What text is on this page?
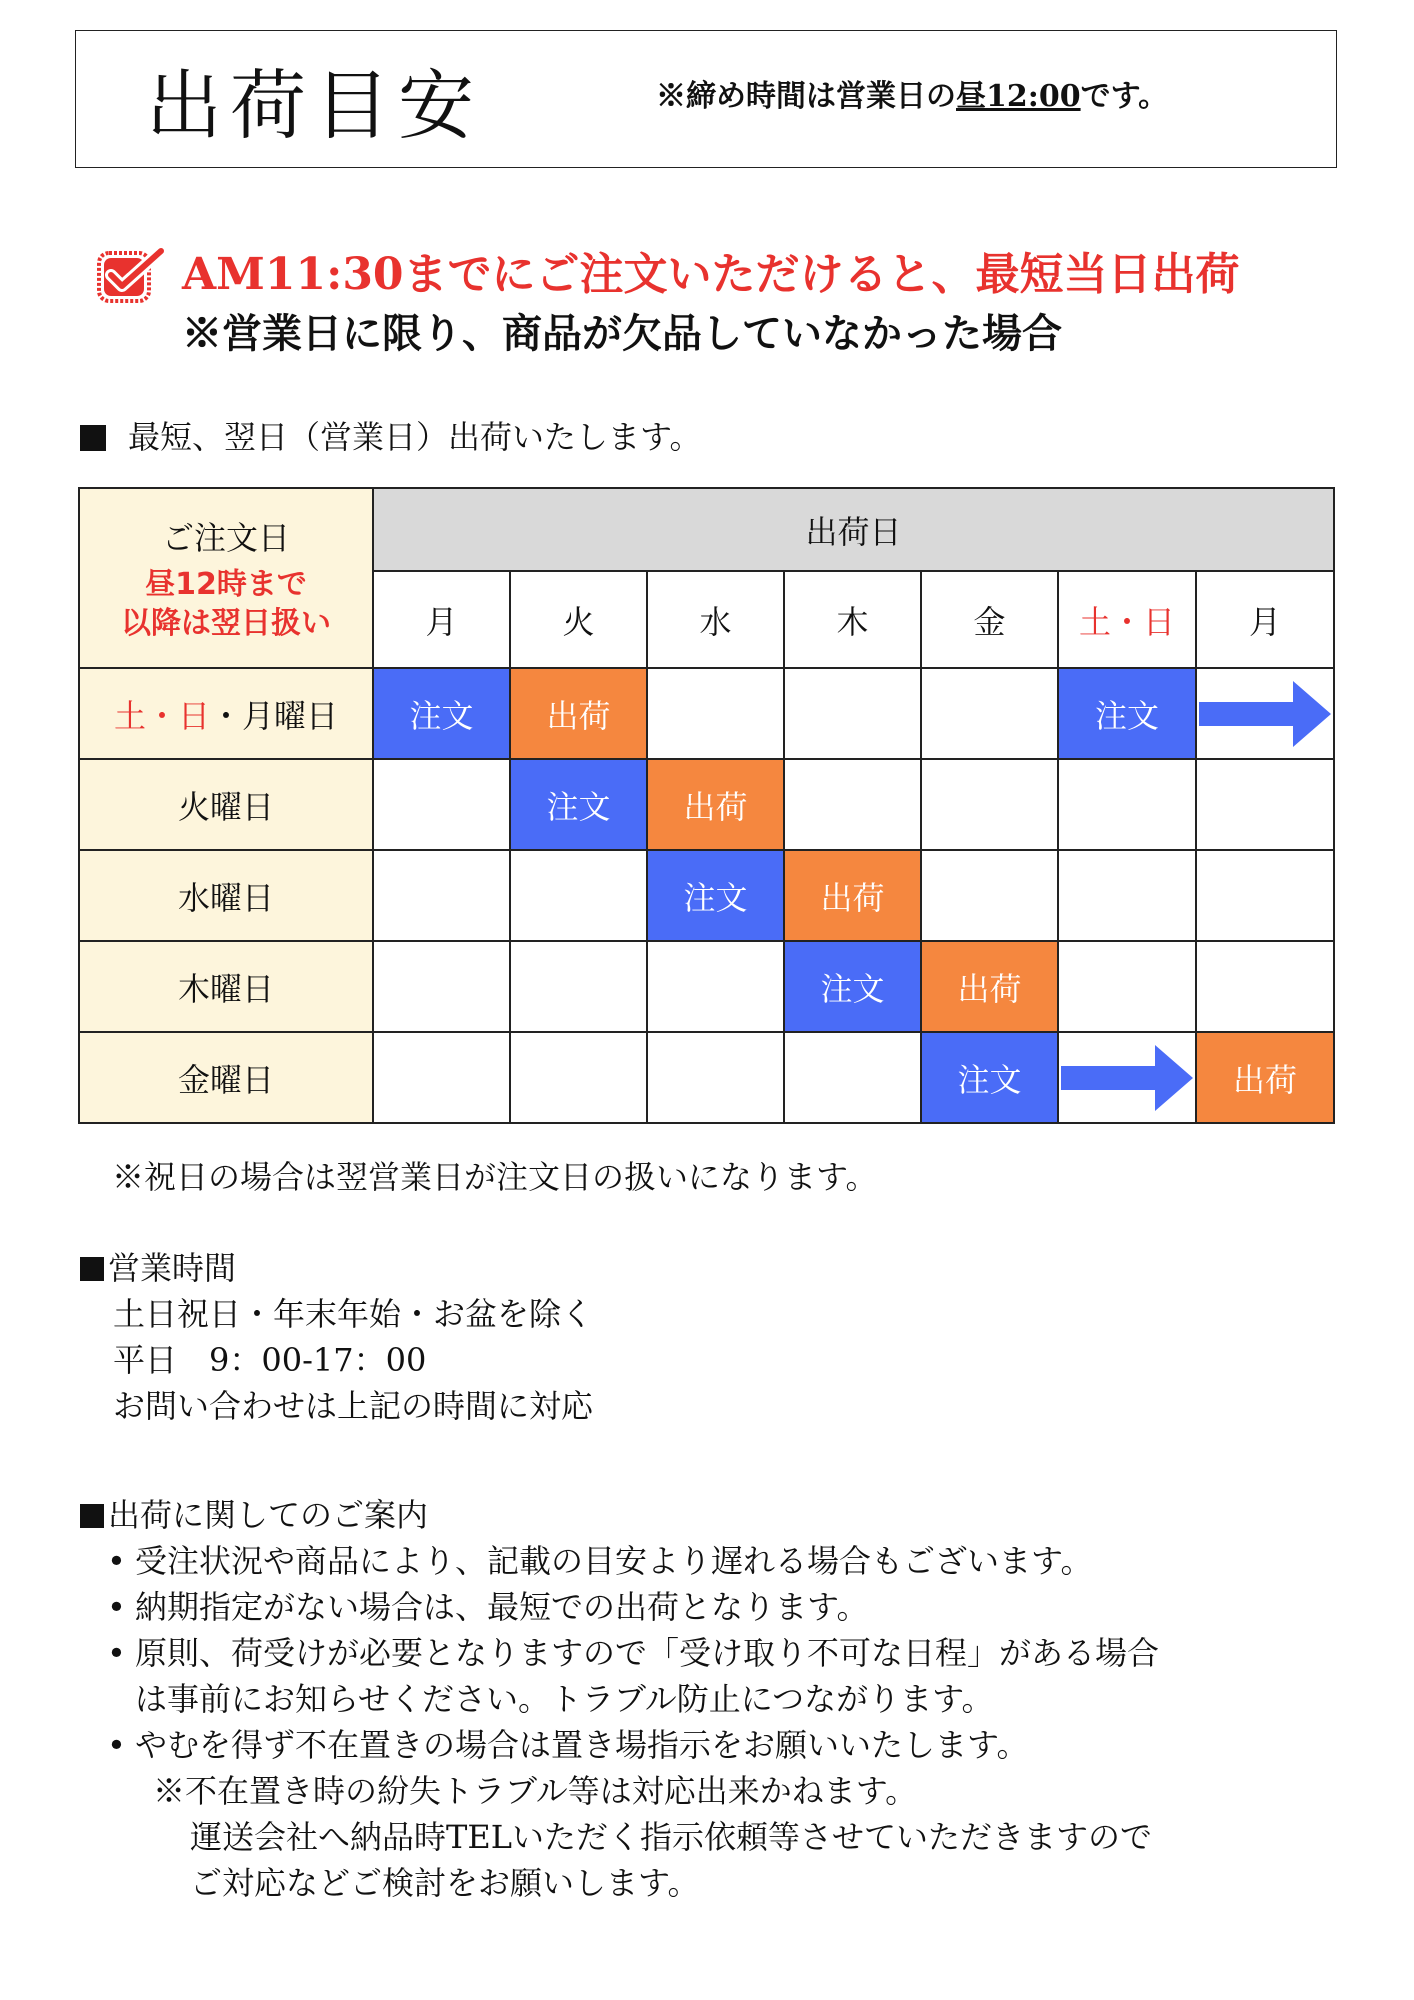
出荷目安	※締め時間は営業日の昼12:00です。
AM11:30までにご注文いただけると、最短当日出荷
※営業日に限り、商品が欠品していなかった場合
最短、翌日（営業日）出荷いたします。
ご注文日
昼12時まで
以降は翌日扱い	出荷日						
	月	火	水	木	金	土・日	月
土・日・月曜日	注文	出荷				注文	

火曜日		注文	出荷				
水曜日			注文	出荷			
木曜日				注文	出荷		
金曜日					注文		出荷
※祝日の場合は翌営業日が注文日の扱いになります。
営業時間
土日祝日・年末年始・お盆を除く
平日　9：00-17：00
お問い合わせは上記の時間に対応
出荷に関してのご案内
• 受注状況や商品により、記載の目安より遅れる場合もございます。
• 納期指定がない場合は、最短での出荷となります。
• 原則、荷受けが必要となりますので「受け取り不可な日程」がある場合
は事前にお知らせください。トラブル防止につながります。
• やむを得ず不在置きの場合は置き場指示をお願いいたします。
※不在置き時の紛失トラブル等は対応出来かねます。
運送会社へ納品時TELいただく指示依頼等させていただきますので
ご対応などご検討をお願いします。
